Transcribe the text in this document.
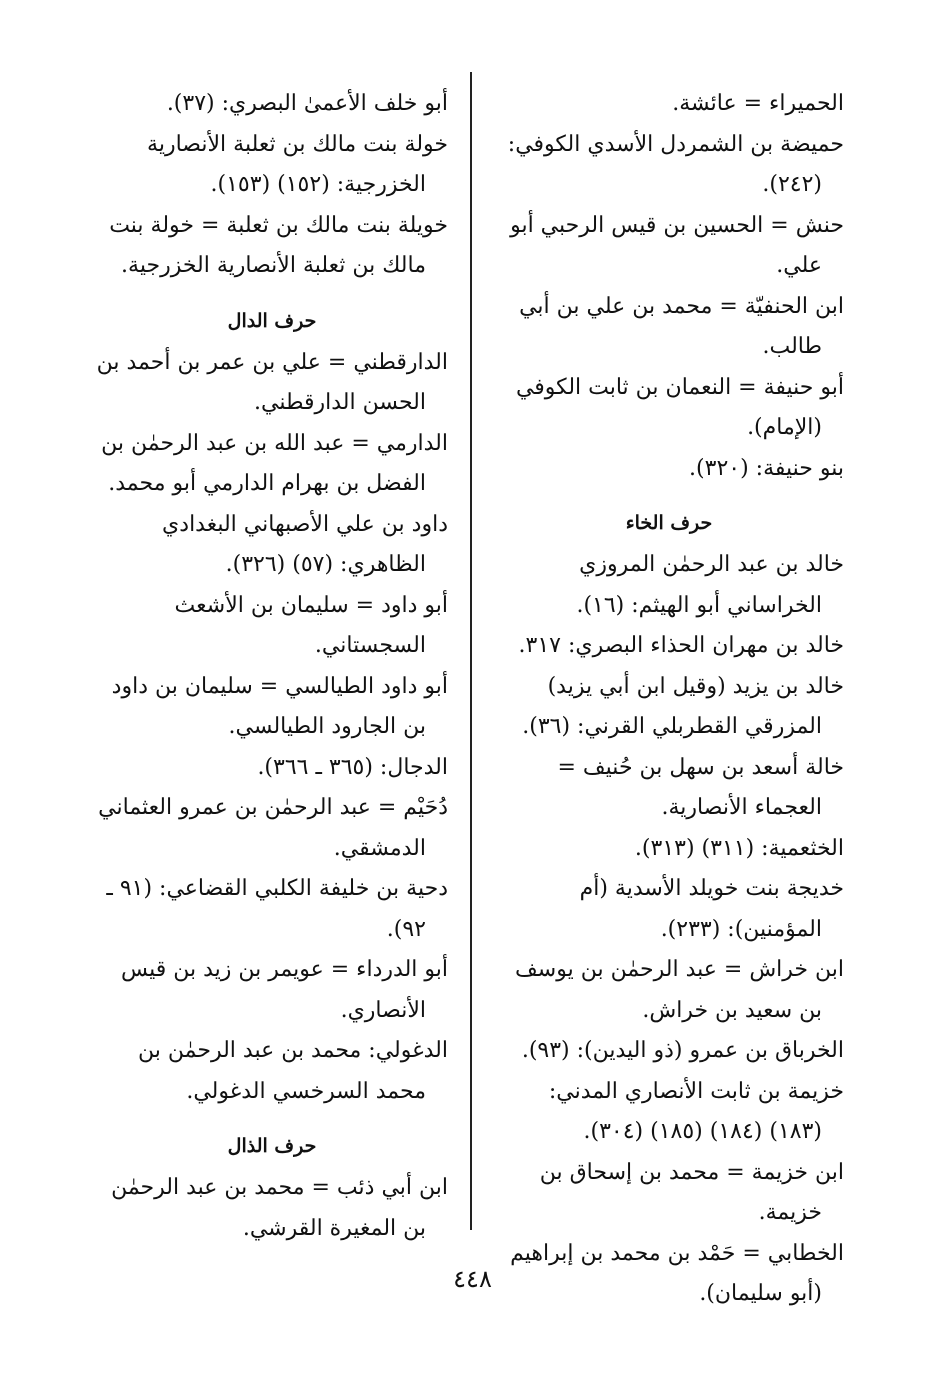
الحميراء = عائشة.

حميضة بن الشمردل الأسدي الكوفي: (٢٤٢).

حنش = الحسين بن قيس الرحبي أبو علي.

ابن الحنفيّة = محمد بن علي بن أبي طالب.

أبو حنيفة = النعمان بن ثابت الكوفي (الإمام).

بنو حنيفة: (٣٢٠).

حرف الخاء

خالد بن عبد الرحمٰن المروزي الخراساني أبو الهيثم: (١٦).

خالد بن مهران الحذاء البصري: ٣١٧.

خالد بن يزيد (وقيل ابن أبي يزيد) المزرقي القطربلي القرني: (٣٦).

خالة أسعد بن سهل بن حُنيف = العجماء الأنصارية.

الخثعمية: (٣١١) (٣١٣).

خديجة بنت خويلد الأسدية (أم المؤمنين): (٢٣٣).

ابن خراش = عبد الرحمٰن بن يوسف بن سعيد بن خراش.

الخرباق بن عمرو (ذو اليدين): (٩٣).

خزيمة بن ثابت الأنصاري المدني: (١٨٣) (١٨٤) (١٨٥) (٣٠٤).

ابن خزيمة = محمد بن إسحاق بن خزيمة.

الخطابي = حَمْد بن محمد بن إبراهيم (أبو سليمان).

أبو خلف الأعمىٰ البصري: (٣٧).

خولة بنت مالك بن ثعلبة الأنصارية الخزرجية: (١٥٢) (١٥٣).

خويلة بنت مالك بن ثعلبة = خولة بنت مالك بن ثعلبة الأنصارية الخزرجية.

حرف الدال

الدارقطني = علي بن عمر بن أحمد بن الحسن الدارقطني.

الدارمي = عبد الله بن عبد الرحمٰن بن الفضل بن بهرام الدارمي أبو محمد.

داود بن علي الأصبهاني البغدادي الظاهري: (٥٧) (٣٢٦).

أبو داود = سليمان بن الأشعث السجستاني.

أبو داود الطيالسي = سليمان بن داود بن الجارود الطيالسي.

الدجال: (٣٦٥ ـ ٣٦٦).

دُحَيْم = عبد الرحمٰن بن عمرو العثماني الدمشقي.

دحية بن خليفة الكلبي القضاعي: (٩١ ـ ٩٢).

أبو الدرداء = عويمر بن زيد بن قيس الأنصاري.

الدغولي: محمد بن عبد الرحمٰن بن محمد السرخسي الدغولي.

حرف الذال

ابن أبي ذئب = محمد بن عبد الرحمٰن بن المغيرة القرشي.

٤٤٨
